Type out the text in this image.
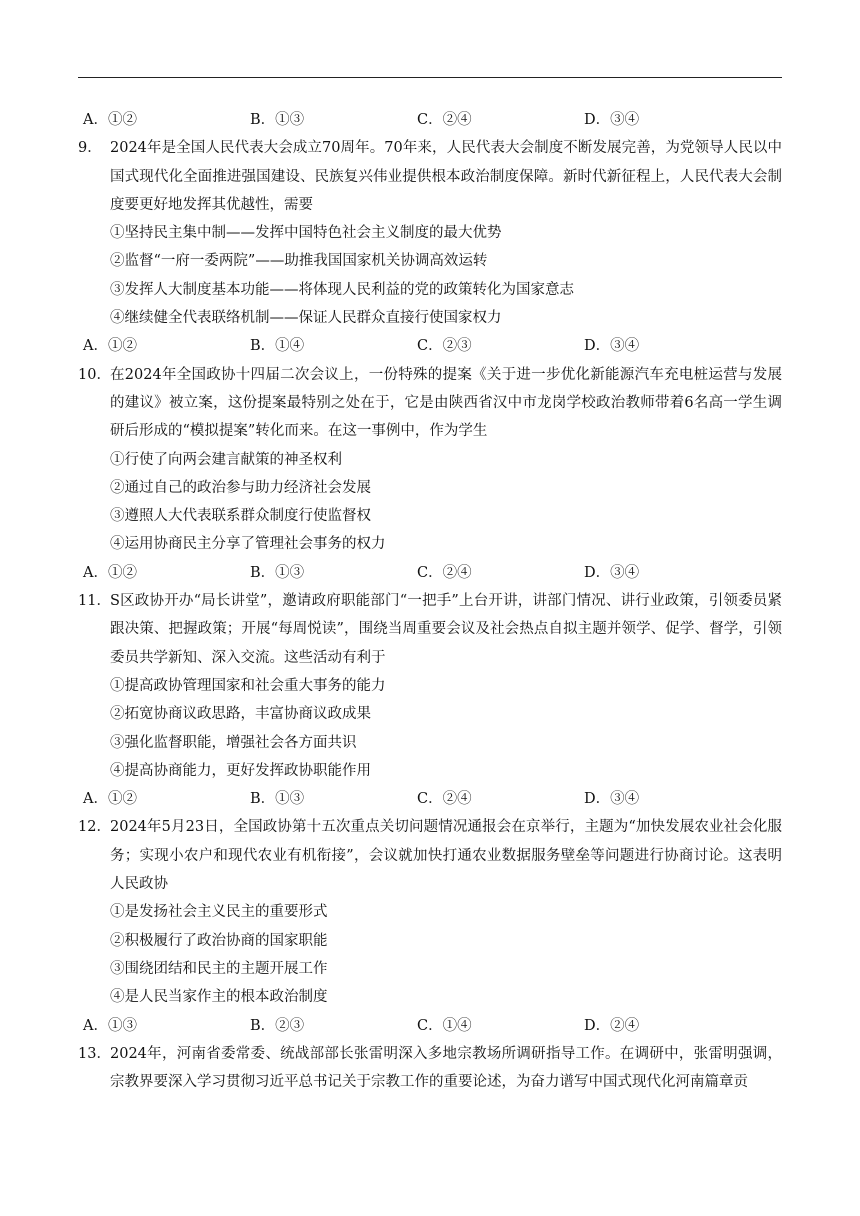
A．①②	B．①③	C．②④	D．③④
9． 2024年是全国人民代表大会成立70周年。70年来，人民代表大会制度不断发展完善，为党领导人民以中国式现代化全面推进强国建设、民族复兴伟业提供根本政治制度保障。新时代新征程上，人民代表大会制度要更好地发挥其优越性，需要
①坚持民主集中制——发挥中国特色社会主义制度的最大优势
②监督“一府一委两院”——助推我国国家机关协调高效运转
③发挥人大制度基本功能——将体现人民利益的党的政策转化为国家意志
④继续健全代表联络机制——保证人民群众直接行使国家权力
A．①②	B．①④	C．②③	D．③④
10． 在2024年全国政协十四届二次会议上，一份特殊的提案《关于进一步优化新能源汽车充电桩运营与发展的建议》被立案，这份提案最特别之处在于，它是由陕西省汉中市龙岗学校政治教师带着6名高一学生调研后形成的“模拟提案”转化而来。在这一事例中，作为学生
①行使了向两会建言献策的神圣权利
②通过自己的政治参与助力经济社会发展
③遵照人大代表联系群众制度行使监督权
④运用协商民主分享了管理社会事务的权力
A．①②	B．①③	C．②④	D．③④
11． S区政协开办“局长讲堂”，邀请政府职能部门“一把手”上台开讲，讲部门情况、讲行业政策，引领委员紧跟决策、把握政策；开展“每周悦读”，围绕当周重要会议及社会热点自拟主题并领学、促学、督学，引领委员共学新知、深入交流。这些活动有利于
①提高政协管理国家和社会重大事务的能力
②拓宽协商议政思路，丰富协商议政成果
③强化监督职能，增强社会各方面共识
④提高协商能力，更好发挥政协职能作用
A．①②	B．①③	C．②④	D．③④
12． 2024年5月23日，全国政协第十五次重点关切问题情况通报会在京举行，主题为“加快发展农业社会化服务；实现小农户和现代农业有机衔接”，会议就加快打通农业数据服务壁垒等问题进行协商讨论。这表明人民政协
①是发扬社会主义民主的重要形式
②积极履行了政治协商的国家职能
③围绕团结和民主的主题开展工作
④是人民当家作主的根本政治制度
A．①③	B．②③	C．①④	D．②④
13． 2024年，河南省委常委、统战部部长张雷明深入多地宗教场所调研指导工作。在调研中，张雷明强调，宗教界要深入学习贯彻习近平总书记关于宗教工作的重要论述，为奋力谱写中国式现代化河南篇章贡
